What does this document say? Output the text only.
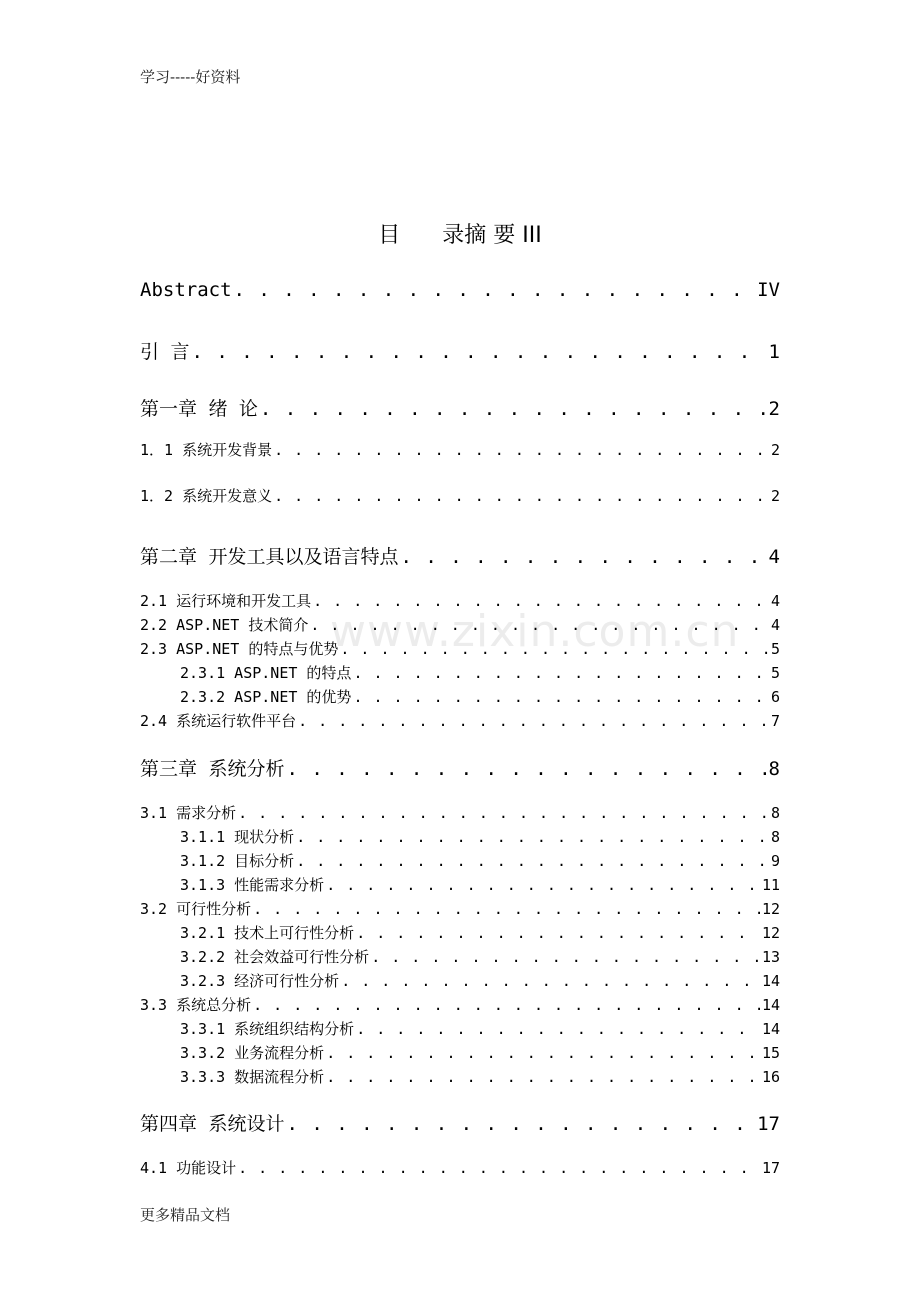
学习-----好资料
目      录摘 要 III
www.zixin.com.cn
Abstract . . .	IV
引 言 . . .	1
第一章 绪 论 . . .	2
1．1 系统开发背景 . . .	2
1．2 系统开发意义 . . .	2
第二章 开发工具以及语言特点 . . .	4
2.1 运行环境和开发工具 . . .	4
2.2 ASP.NET 技术简介 . . .	4
2.3 ASP.NET 的特点与优势 . . .	5
2.3.1 ASP.NET 的特点 . . .	5
2.3.2 ASP.NET 的优势 . . .	6
2.4 系统运行软件平台 . . .	7
第三章 系统分析 . . .	8
3.1 需求分析 . . .	8
3.1.1 现状分析 . . .	8
3.1.2 目标分析 . . .	9
3.1.3 性能需求分析 . . .	11
3.2 可行性分析 . . .	12
3.2.1 技术上可行性分析 . . .	12
3.2.2 社会效益可行性分析 . . .	13
3.2.3 经济可行性分析 . . .	14
3.3 系统总分析 . . .	14
3.3.1 系统组织结构分析 . . .	14
3.3.2 业务流程分析 . . .	15
3.3.3 数据流程分析 . . .	16
第四章 系统设计 . . .	17
4.1 功能设计 . . .	17
更多精品文档
